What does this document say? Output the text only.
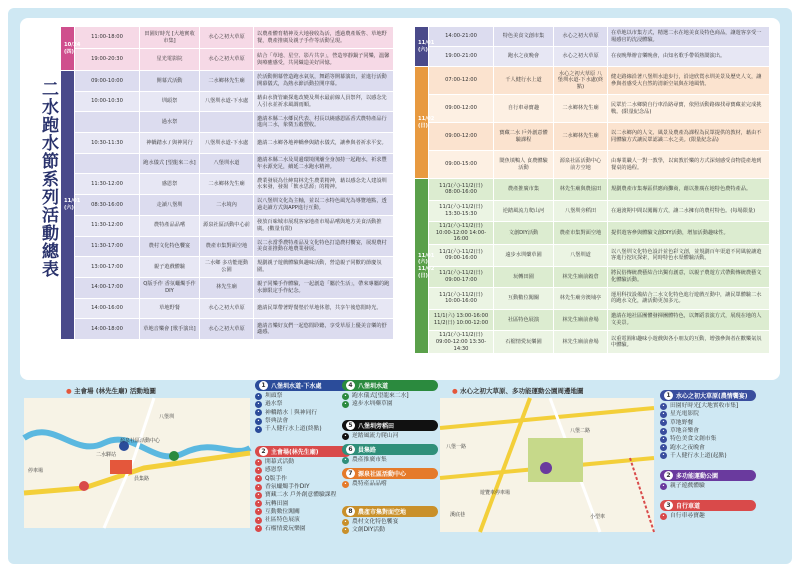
二水跑水節系列活動總表
10/24 (四)	11:00-18:00	田園好時光 [大地實收市集]	水心之初大草原	以農產體育精神及大地發收為活，透過農產販售、草地野餐，農產推廣及親子手作等活動呈現。
	19:00-20:30	星光電影院	水心之初大草原	結合「草地、星空、影片共享」，營造寧靜鍋子同樂，溫馨與療癒感受，共同織造美好回憶。
11/01 (六)	09:00-10:00	開幕式活動	二水鄉林先生廟	於活動開幕營造跑水氣氛，舞蹈等開幕演出，並進行活動開幕儀式，為熱水節活動拉開序幕。
	10:00-10:30	圳頭祭	八堡圳水道-下水處	藉由水資管廠探進改變及圳水最前線人員祭拜，以感念先人引水並祈求風調雨順。
		過水祭		邀請本縣二水郷民代表、村長以繞感恩區香式農特產品行進向二水，象徵五穀豐收。
	10:30-11:30	神轎踏水 / 與神同行	八堡圳水道-下水處	邀請二水鄉各地神轎參與踏水儀式，讓參與者祈求平安。
		跑水儀式 [望龍來二水]	八堡圳水道	邀請本縣二水及周邊環境開舖全身加持一起跑水，祈求豐年水源充足，續延二水跑水精神。
	11:30-12:00	感恩祭	二水鄉林先生廟	農業發展為仕紳寫林先生農業精神，藉以感念先人建設圳水來發，發揚「飲水思源」的精神。
	08:30-16:00	走讀八堡圳	二水境內	以八堡圳文化為主軸，並以二水特色風光為導覽地點，透過走讀方式與APP進行互動。
	11:30-12:00	農特產品品嚐	源泉社區活動中心前	發放百味城市展現客家地產市場品嚐與地方美食活動推廣。(數量有限)
	11:30-17:00	農村文化特色饗宴	農產市集對面空地	以二水當季農特產品及文化特色打造農村饗宴，展現農村美食並推動在地農業發展。
	13:00-17:00	親子遊戲體驗	二水鄉 多功能運動公園	規劃親子遊戲體驗與趣味活動，營造親子同歡的節慶氛圍。
	14:00-17:00	Q版手作 香氛蠟燭手作DIY	林先生廟	親子同樂手作體驗，一起創造「屬於生活」，帶來專屬的跑水節限定手作紀念。
	14:00-16:00	草地野餐	水心之初大草原	邀請民眾帶著野餐墊於草地休憩，共享午後悠閒時光。
	14:00-18:00	草地音樂會 [歌手演出]	水心之初大草原	邀請音樂好友們一起悠閒聆聽，享受草原上優美音樂的舒適感。
11/01 (六)	14:00-21:00	特色美食文創市集	水心之初大草原	在草地以市集方式，精選二水在地美食及特色商品，讓遊客享受一場感官的沈浸體驗。
	19:00-21:00	跑水之夜晚會	水心之初大草原	在夜晚舉辦音樂晚會，由知名歌手帶領熱鬧演出。
11/02 (日)	07:00-12:00	千人健行水上道	水心之初大草原 八堡圳水道-下水處(終點)	健走路線沿著八堡圳水道步行，沿途欣賞水圳美景及歷史人文，讓參與者感受大自然的清新空氣與在地風情。
	09:00-12:00	自行車尋寶趣	二水鄉林先生廟	民眾於二水鄉騎自行車沿路尋寶，依照活動路線找尋寶藏並完成挑戰。(限量紀念品)
	09:00-12:00	寶藏二水 戶外創意體驗課程	二水鄉林先生廟	以二水鄉內的人文、風景及農產為課程為民眾提供的教材，藉由不同體驗方式讓民眾認識二水之美。(限量紀念品)
	09:00-15:00	鬧魚填鴨人 食農體驗活動	源泉社區活動中心 前方空地	由專業職人一對一教學，以寓教於樂的方式深刻感受食物從產地到餐桌的過程。
11/01 (六) 11/02 (日)	11/1(六)-11/2(日) 08:00-16:00	農產推廣市集	林先生廟與農協田	規劃農產市集專區供應商攤商，藉以推廣在地特色農特產品。
	11/1(六)-11/2(日) 13:30-15:30	逆踏風流力爬山河	八堡圳旁稻田	在過渡期中間以闖關方式，讓二水擁有的農村特色。(每場限量)
	11/1(六)-11/2(日) 10:00-12:00 14:00-16:00	文創DIY活動	農產市集對面空地	提供遊客參與體驗文創DIY活動，增加活動趣味性。
	11/1(六)-11/2(日) 09:00-16:00	遠步水圳藥草園	八堡圳道	以八堡圳文化特色設計並色彩文創，並規劃百年渠道不同風貌讓遊客進行挖坑探索，同時特色水渠體驗活動。
	11/1(六)-11/2(日) 09:00-17:00	玩轉田園	林先生廟前穀倉	將民俗傳統農藝結合出獨有創意，以親子農遊方式帶動傳統農藝文化體驗活動。
	11/1(六)-11/2(日) 10:00-16:00	互動數位闖關	林先生廟旁澳埔亭	運用科技設備結合二水文化特色進行遊戲互動中，讓民眾體驗二水的跑水文化，讓活動更加多元。
	11/1(六) 13:00-16:00 11/2(日) 10:00-12:00	社區特色展演	林先生廟前會場	邀請在地社區團體發揮團體特色，以舞蹈表演方式，展現在地的人文美景。
	11/1(六)-11/2(日) 09:00-12:00 13:30-14:30	石榴情愛玩樂園	林先生廟前會場	以重電圓和趣味小遊戲與各小朋友的互動，增強參與者在歡樂氣氛中體驗。
● 主會場 (林先生廟) 活動地圖
源泉社區活動中心
二水驛站
員集路
停車場
八堡圳
1 八堡圳水道-下水處
• 圳頭祭
• 過水祭
• 神轎踏水｜與神同行
• 祭典法會
• 千人健行水上道(終點)
2 主會場(林先生廟)
• 開幕式活動
• 感恩祭
• Q版手作
• 香氛蠟燭手作DIY
• 寶藏二水 戶外創意體驗課程
• 玩轉田園
• 互動數位闖關
• 社區特色展演
• 石榴情愛玩樂園
4 八堡圳水道
• 跑水儀式[望龍來二水]
• 遠步水圳藥草園
5 八堡圳旁稻田
• 逆踏風流力爬山河
6 員集路
• 農產推廣市集
7 源泉社區活動中心
• 農特產品品嚐
8 農產市集對面空地
• 農村文化特色饗宴
• 文創DIY活動
● 水心之初大草原、多功能運動公園周邊地圖
八堡一路
八堡二路
溪底巷	小型車
遊覽車停車場
1 水心之初大草原(農情饗宴)
• 田園好時光[大地實收市集]
• 星光電影院
• 草地野餐
• 草地音樂會
• 特色美食文創市集
• 跑水之夜晚會
• 千人健行水上道(起點)
2 多功能運動公園
• 親子遊戲體驗
3 自行車道
• 自行車尋寶趣
